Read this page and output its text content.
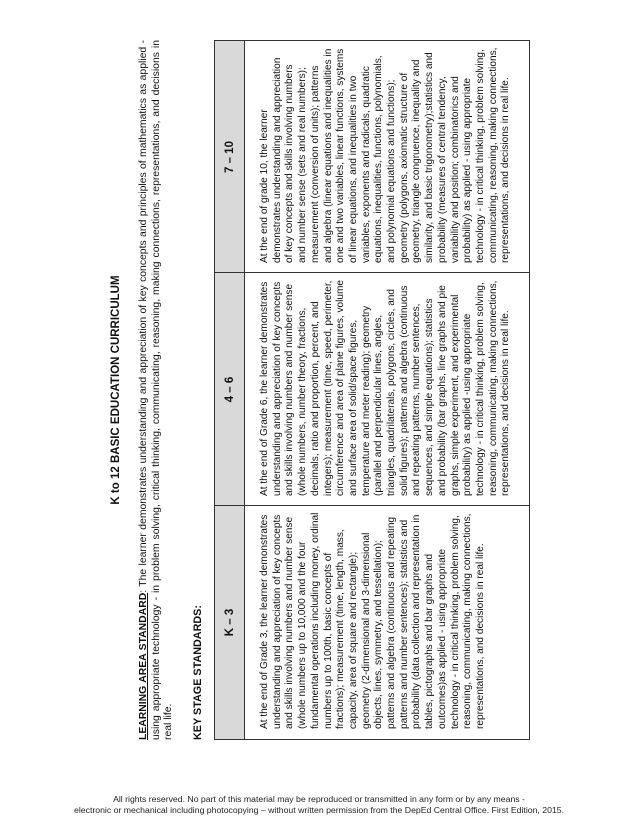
K to 12 BASIC EDUCATION CURRICULUM
LEARNING AREA STANDARD: The learner demonstrates understanding and appreciation of key concepts and principles of mathematics as applied - using appropriate technology - in problem solving, critical thinking, communicating, reasoning, making connections, representations, and decisions in real life. KEY STAGE STANDARDS:	K – 3
4 – 6
7 – 10
At the end of Grade 3, the learner demonstrates understanding and appreciation of key concepts and skills involving numbers and number sense (whole numbers up to 10,000 and the four fundamental operations including money, ordinal numbers up to 100th, basic concepts of fractions); measurement (time, length, mass, capacity, area of square and rectangle); geometry (2-dimensional and 3-dimensional objects, lines, symmetry, and tessellation); patterns and algebra (continuous and repeating patterns and number sentences); statistics and probability (data collection and representation in tables, pictographs and bar graphs and outcomes)as applied - using appropriate technology - in critical thinking, problem solving, reasoning, communicating, making connections, representations, and decisions in real life.
At the end of Grade 6, the learner demonstrates understanding and appreciation of key concepts and skills involving numbers and number sense (whole numbers, number theory, fractions, decimals, ratio and proportion, percent, and integers); measurement (time, speed, perimeter, circumference and area of plane figures, volume and surface area of solid/space figures, temperature and meter reading); geometry (parallel and perpendicular lines, angles, triangles, quadrilaterals, polygons, circles, and solid figures); patterns and algebra (continuous and repeating patterns, number sentences, sequences, and simple equations); statistics and probability (bar graphs, line graphs and pie graphs, simple experiment, and experimental probability) as applied -using appropriate technology - in critical thinking, problem solving, reasoning, communicating, making connections, representations, and decisions in real life.
At the end of grade 10, the learner demonstrates understanding and appreciation of key concepts and skills involving numbers and number sense (sets and real numbers); measurement (conversion of units); patterns and algebra (linear equations and inequalities in one and two variables, linear functions, systems of linear equations, and inequalities in two variables, exponents and radicals, quadratic equations, inequalities, functions, polynomials, and polynomial equations and functions); geometry (polygons, axiomatic structure of geometry, triangle congruence, inequality and similarity, and basic trigonometry);statistics and probability (measures of central tendency, variability and position; combinatorics and probability) as applied - using appropriate technology - in critical thinking, problem solving, communicating, reasoning, making connections, representations, and decisions in real life.
All rights reserved. No part of this material may be reproduced or transmitted in any form or by any means -
electronic or mechanical including photocopying – without written permission from the DepEd Central Office. First Edition, 2015.
